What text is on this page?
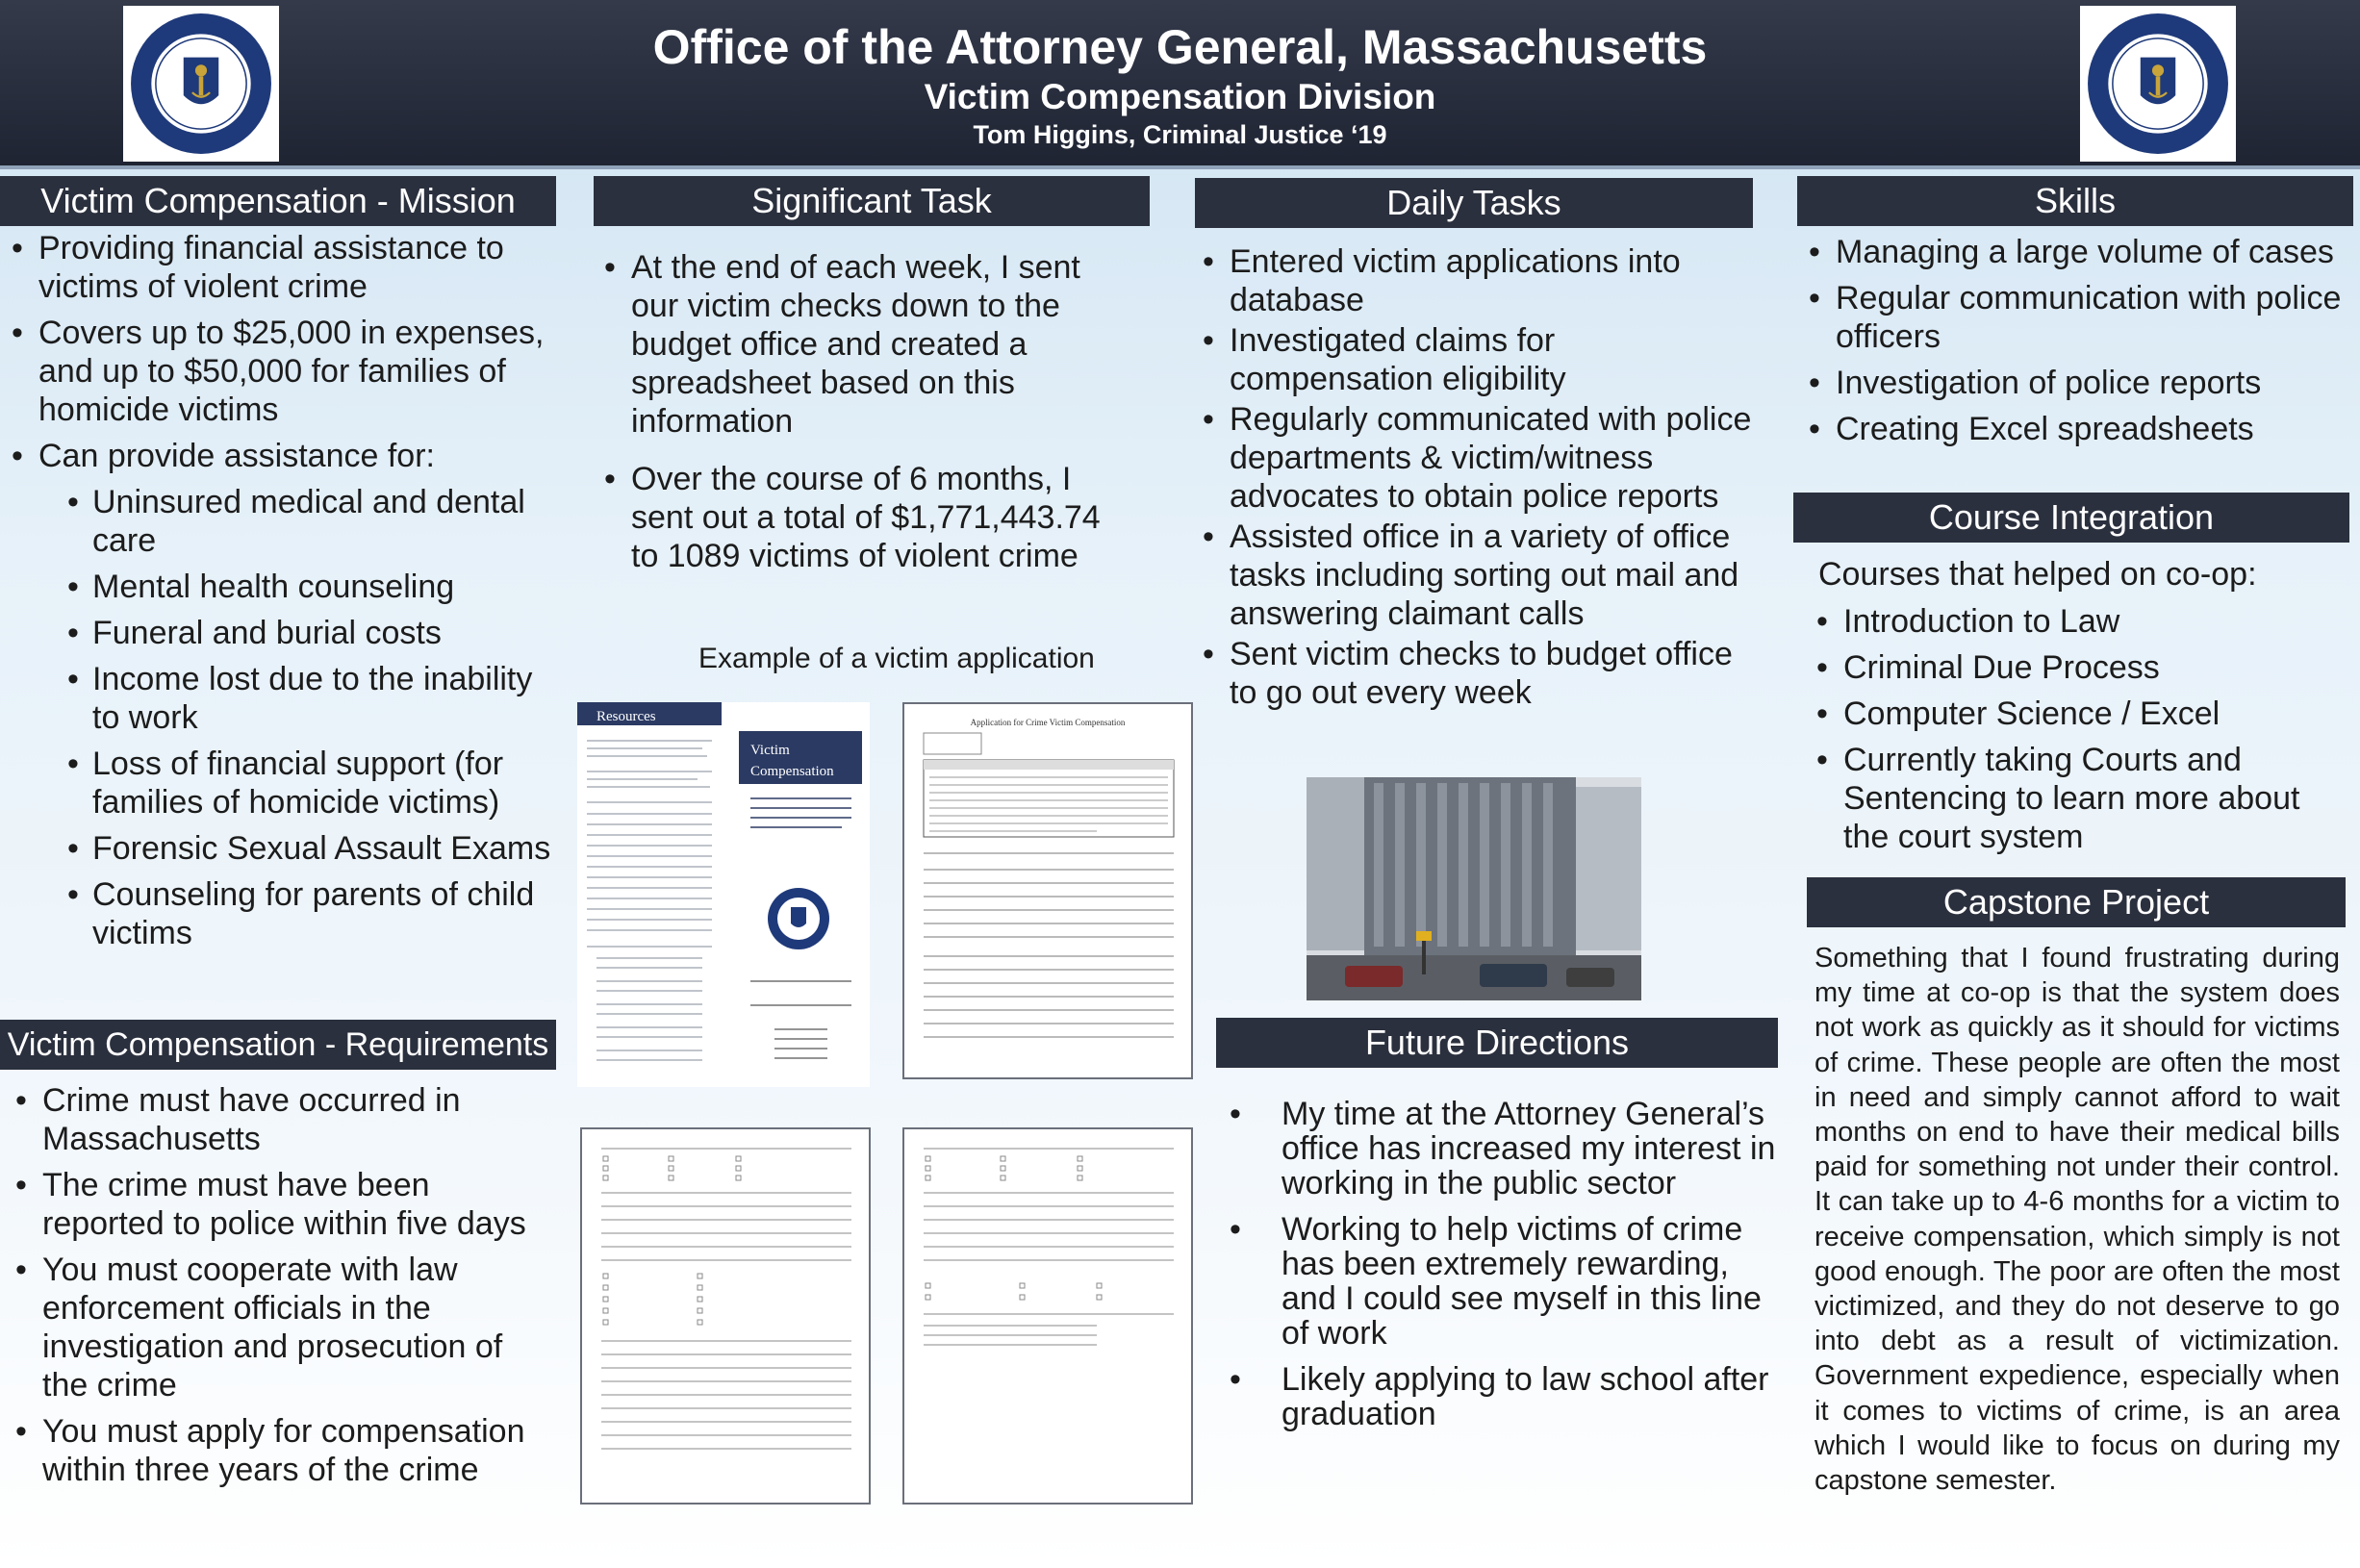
Office of the Attorney General, Massachusetts
Victim Compensation Division
Tom Higgins, Criminal Justice ‘19
Victim Compensation - Mission
• Providing financial assistance to victims of violent crime
• Covers up to $25,000 in expenses, and up to $50,000 for families of homicide victims
• Can provide assistance for:
• Uninsured medical and dental care
• Mental health counseling
• Funeral and burial costs
• Income lost due to the inability to work
• Loss of financial support (for families of homicide victims)
• Forensic Sexual Assault Exams
• Counseling for parents of child victims
Victim Compensation - Requirements
• Crime must have occurred in Massachusetts
• The crime must have been reported to police within five days
• You must cooperate with law enforcement officials in the investigation and prosecution of the crime
• You must apply for compensation within three years of the crime
Significant Task
• At the end of each week, I sent our victim checks down to the budget office and created a spreadsheet based on this information
• Over the course of 6 months, I sent out a total of $1,771,443.74 to 1089 victims of violent crime
Example of a victim application
Resources
Victim
Compensation
Application for Crime Victim Compensation
Daily Tasks
• Entered victim applications into database
• Investigated claims for compensation eligibility
• Regularly communicated with police departments & victim/witness advocates to obtain police reports
• Assisted office in a variety of office tasks including sorting out mail and answering claimant calls
• Sent victim checks to budget office to go out every week
Future Directions
• My time at the Attorney General’s office has increased my interest in working in the public sector
• Working to help victims of crime has been extremely rewarding, and I could see myself in this line of work
• Likely applying to law school after graduation
Skills
• Managing a large volume of cases
• Regular communication with police officers
• Investigation of police reports
• Creating Excel spreadsheets
Course Integration
Courses that helped on co-op:
• Introduction to Law
• Criminal Due Process
• Computer Science / Excel
• Currently taking Courts and Sentencing to learn more about the court system
Capstone Project
Something that I found frustrating during my time at co-op is that the system does not work as quickly as it should for victims of crime. These people are often the most in need and simply cannot afford to wait months on end to have their medical bills paid for something not under their control. It can take up to 4-6 months for a victim to receive compensation, which simply is not good enough. The poor are often the most victimized, and they do not deserve to go into debt as a result of victimization. Government expedience, especially when it comes to victims of crime, is an area which I would like to focus on during my capstone semester.
